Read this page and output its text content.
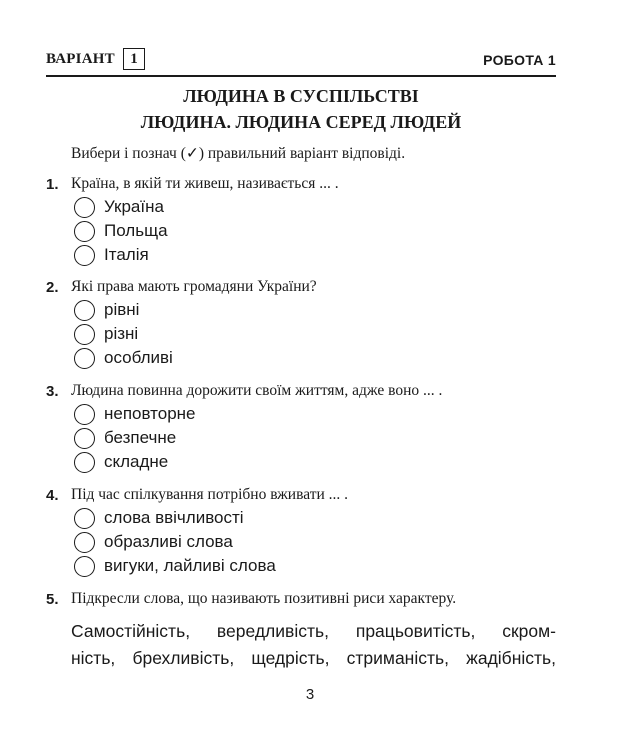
ВАРІАНТ	1	РОБОТА 1
ЛЮДИНА В СУСПІЛЬСТВІ
ЛЮДИНА. ЛЮДИНА СЕРЕД ЛЮДЕЙ
Вибери і познач (✓) правильний варіант відповіді.
1. Країна, в якій ти живеш, називається ... .
Україна
Польща
Італія
2. Які права мають громадяни України?
рівні
різні
особливі
3. Людина повинна дорожити своїм життям, адже воно ... .
неповторне
безпечне
складне
4. Під час спілкування потрібно вживати ... .
слова ввічливості
образливі слова
вигуки, лайливі слова
5. Підкресли слова, що називають позитивні риси характеру.
Самостійність, вередливість, працьовитість, скром-
ність, брехливість, щедрість, стриманість, жадібність,
3
